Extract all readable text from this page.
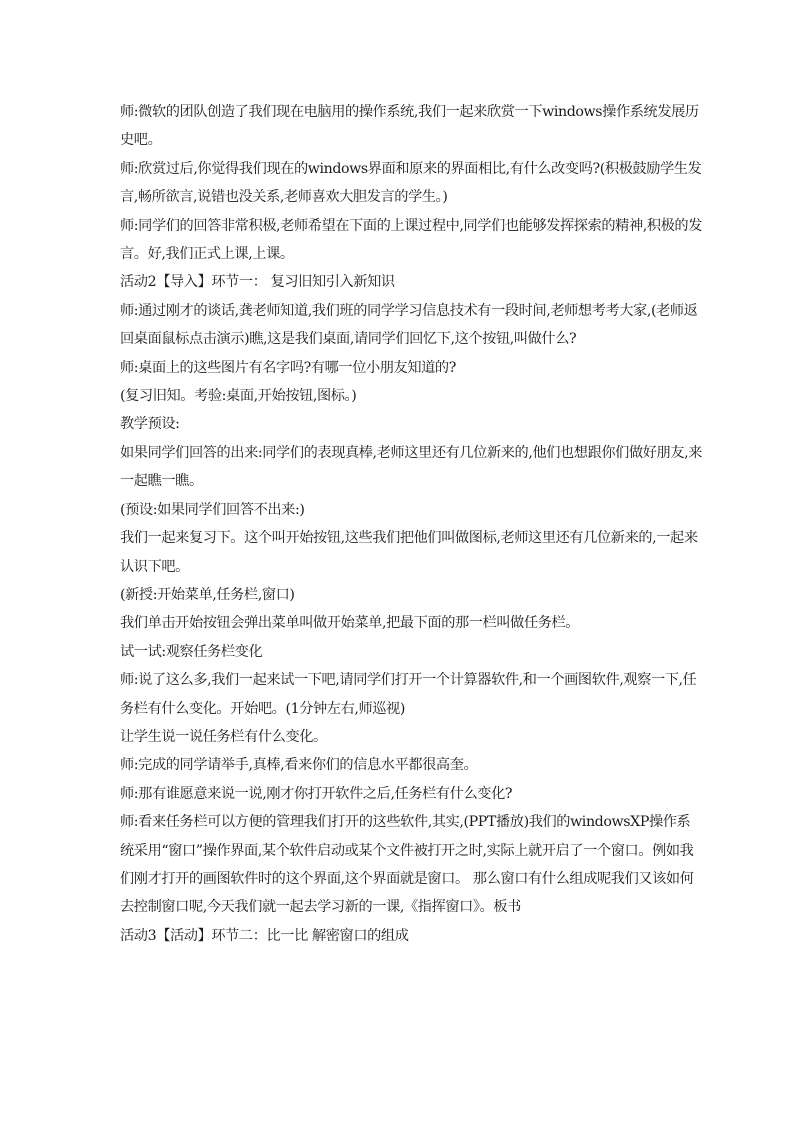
师:微软的团队创造了我们现在电脑用的操作系统,我们一起来欣赏一下windows操作系统发展历史吧。

师:欣赏过后,你觉得我们现在的windows界面和原来的界面相比,有什么改变吗?(积极鼓励学生发言,畅所欲言,说错也没关系,老师喜欢大胆发言的学生。)

师:同学们的回答非常积极,老师希望在下面的上课过程中,同学们也能够发挥探索的精神,积极的发言。好,我们正式上课,上课。

活动2【导入】环节一： 复习旧知引入新知识

师:通过刚才的谈话,龚老师知道,我们班的同学学习信息技术有一段时间,老师想考考大家,(老师返回桌面鼠标点击演示)瞧,这是我们桌面,请同学们回忆下,这个按钮,叫做什么?

师:桌面上的这些图片有名字吗?有哪一位小朋友知道的?

(复习旧知。考验:桌面,开始按钮,图标。)

教学预设:

如果同学们回答的出来:同学们的表现真棒,老师这里还有几位新来的,他们也想跟你们做好朋友,来一起瞧一瞧。

(预设:如果同学们回答不出来:)

我们一起来复习下。这个叫开始按钮,这些我们把他们叫做图标,老师这里还有几位新来的,一起来认识下吧。

(新授:开始菜单,任务栏,窗口)

我们单击开始按钮会弹出菜单叫做开始菜单,把最下面的那一栏叫做任务栏。

试一试:观察任务栏变化

师:说了这么多,我们一起来试一下吧,请同学们打开一个计算器软件,和一个画图软件,观察一下,任务栏有什么变化。开始吧。(1分钟左右,师巡视)

让学生说一说任务栏有什么变化。

师:完成的同学请举手,真棒,看来你们的信息水平都很高奎。

师:那有谁愿意来说一说,刚才你打开软件之后,任务栏有什么变化?

师:看来任务栏可以方便的管理我们打开的这些软件,其实,(PPT播放)我们的windowsXP操作系统采用“窗口”操作界面,某个软件启动或某个文件被打开之时,实际上就开启了一个窗口。例如我们刚才打开的画图软件时的这个界面,这个界面就是窗口。 那么窗口有什么组成呢我们又该如何去控制窗口呢,今天我们就一起去学习新的一课,《指挥窗口》。板书

活动3【活动】环节二：比一比 解密窗口的组成
